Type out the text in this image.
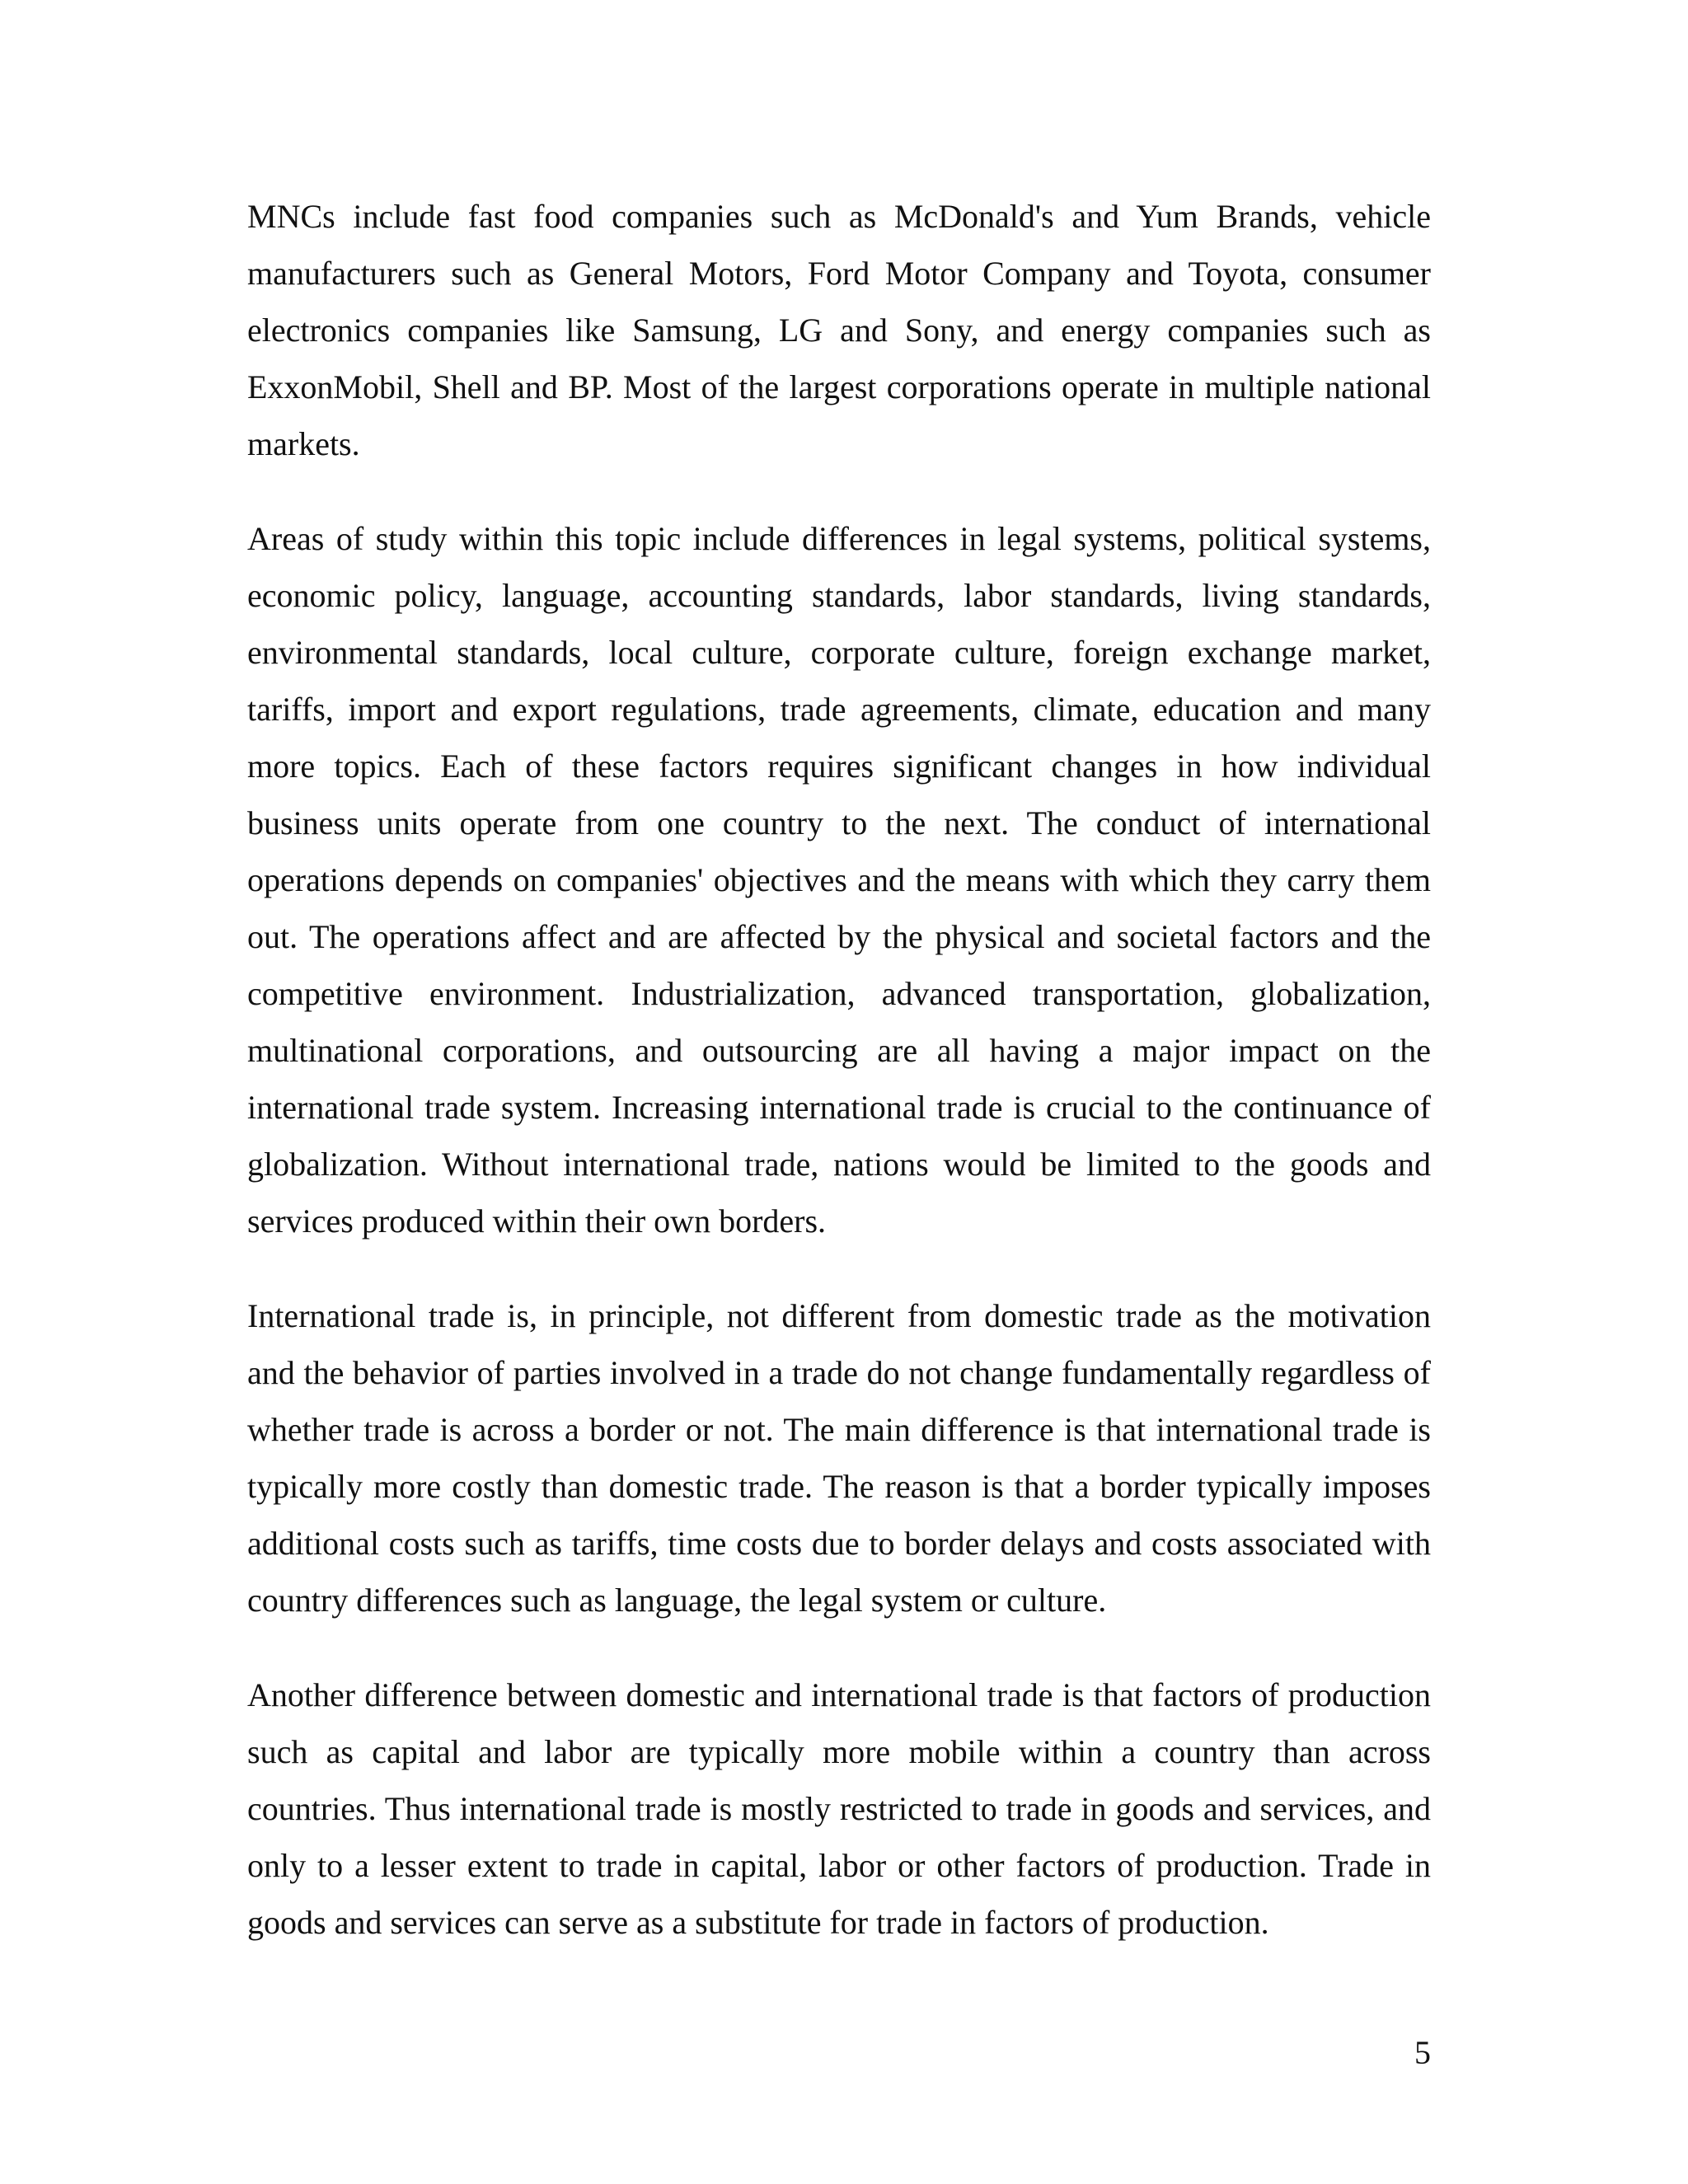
MNCs include fast food companies such as McDonald's and Yum Brands, vehicle manufacturers such as General Motors, Ford Motor Company and Toyota, consumer electronics companies like Samsung, LG and Sony, and energy companies such as ExxonMobil, Shell and BP. Most of the largest corporations operate in multiple national markets.

Areas of study within this topic include differences in legal systems, political systems, economic policy, language, accounting standards, labor standards, living standards, environmental standards, local culture, corporate culture, foreign exchange market, tariffs, import and export regulations, trade agreements, climate, education and many more topics. Each of these factors requires significant changes in how individual business units operate from one country to the next. The conduct of international operations depends on companies' objectives and the means with which they carry them out. The operations affect and are affected by the physical and societal factors and the competitive environment. Industrialization, advanced transportation, globalization, multinational corporations, and outsourcing are all having a major impact on the international trade system. Increasing international trade is crucial to the continuance of globalization. Without international trade, nations would be limited to the goods and services produced within their own borders.

International trade is, in principle, not different from domestic trade as the motivation and the behavior of parties involved in a trade do not change fundamentally regardless of whether trade is across a border or not. The main difference is that international trade is typically more costly than domestic trade. The reason is that a border typically imposes additional costs such as tariffs, time costs due to border delays and costs associated with country differences such as language, the legal system or culture.

Another difference between domestic and international trade is that factors of production such as capital and labor are typically more mobile within a country than across countries. Thus international trade is mostly restricted to trade in goods and services, and only to a lesser extent to trade in capital, labor or other factors of production. Trade in goods and services can serve as a substitute for trade in factors of production.

5
